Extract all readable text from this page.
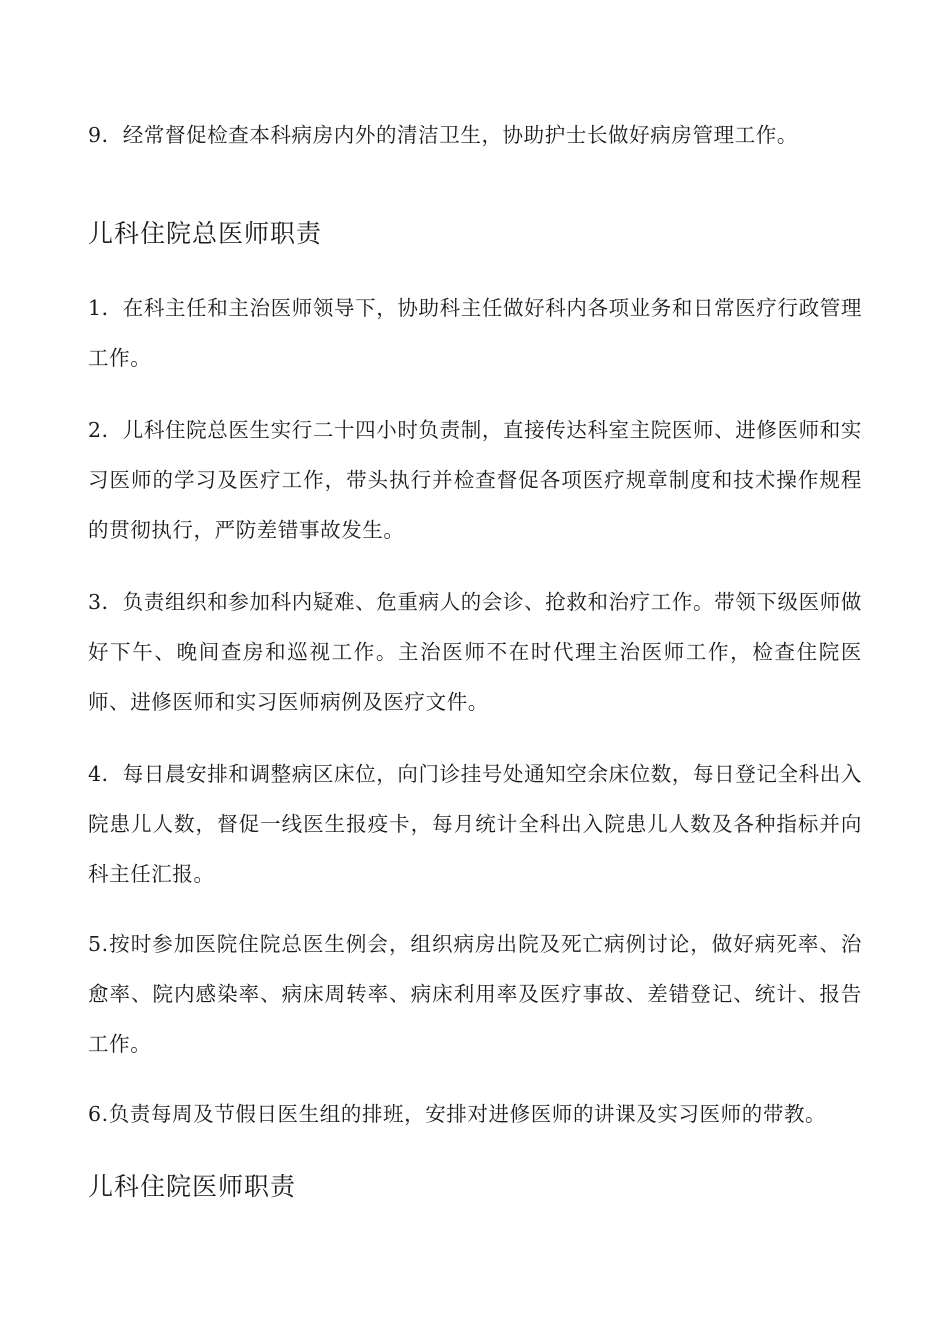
9．经常督促检查本科病房内外的清洁卫生，协助护士长做好病房管理工作。

儿科住院总医师职责

1．在科主任和主治医师领导下，协助科主任做好科内各项业务和日常医疗行政管理工作。

2．儿科住院总医生实行二十四小时负责制，直接传达科室主院医师、进修医师和实习医师的学习及医疗工作，带头执行并检查督促各项医疗规章制度和技术操作规程的贯彻执行，严防差错事故发生。

3．负责组织和参加科内疑难、危重病人的会诊、抢救和治疗工作。带领下级医师做好下午、晚间查房和巡视工作。主治医师不在时代理主治医师工作，检查住院医师、进修医师和实习医师病例及医疗文件。

4．每日晨安排和调整病区床位，向门诊挂号处通知空余床位数，每日登记全科出入院患儿人数，督促一线医生报疫卡，每月统计全科出入院患儿人数及各种指标并向科主任汇报。

5.按时参加医院住院总医生例会，组织病房出院及死亡病例讨论，做好病死率、治愈率、院内感染率、病床周转率、病床利用率及医疗事故、差错登记、统计、报告工作。

6.负责每周及节假日医生组的排班，安排对进修医师的讲课及实习医师的带教。

儿科住院医师职责
